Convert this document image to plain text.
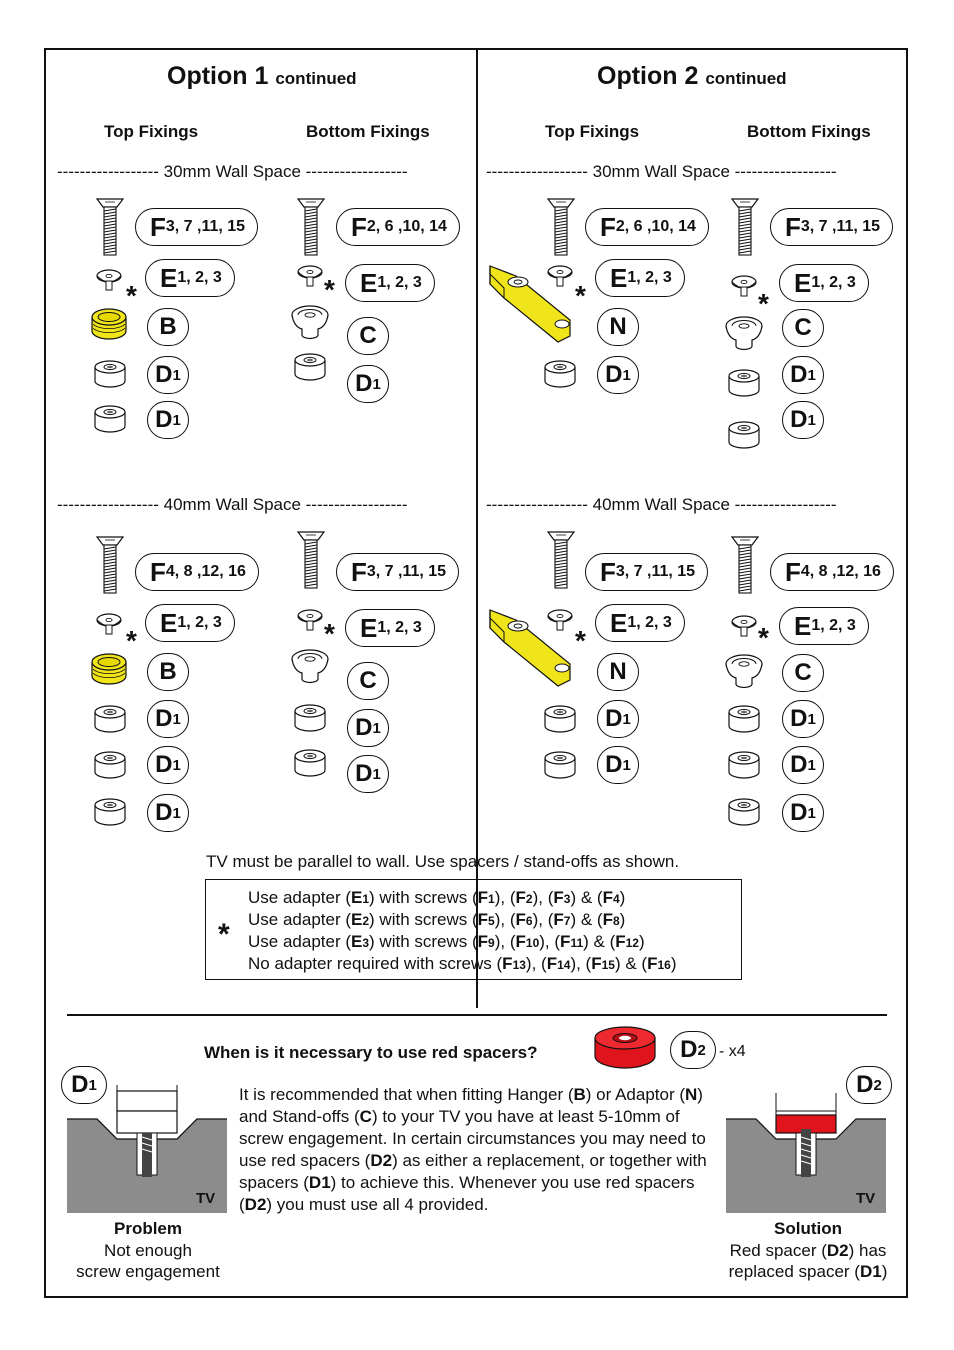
Option 1 continued	Option 2 continued
Top Fixings	Bottom Fixings	Top Fixings	Bottom Fixings
------------------ 30mm Wall Space ------------------	------------------ 30mm Wall Space ------------------
------------------ 40mm Wall Space ------------------	------------------ 40mm Wall Space ------------------
F 3, 7 ,11, 15
*
E 1, 2, 3
B
D 1
D 1
F 2, 6 ,10, 14
* E 1, 2, 3
C
D 1
F 2, 6 ,10, 14
*
E 1, 2, 3
N
D 1
F 3, 7 ,11, 15
*
E 1, 2, 3
C
D 1
D 1
F 4, 8 ,12, 16
*
E 1, 2, 3
B
D 1
D 1
D 1
F 3, 7 ,11, 15
* E 1, 2, 3
C
D 1
D 1
F 3, 7 ,11, 15
*
E 1, 2, 3
N
D 1
D 1
F 4, 8 ,12, 16
* E 1, 2, 3
C
D 1
D 1
D 1
TV must be parallel to wall. Use spacers / stand-offs as shown.
*
Use adapter (E1) with screws (F1), (F2), (F3) & (F4)
Use adapter (E2) with screws (F5), (F6), (F7) & (F8)
Use adapter (E3) with screws (F9), (F10), (F11) & (F12)
No adapter required with screws (F13), (F14), (F15) & (F16)
When is it necessary to use red spacers?	D 2 - x4
D 1
TV
Problem
Not enough
screw engagement
It is recommended that when fitting Hanger (B) or Adaptor (N) and Stand-offs (C) to your TV you have at least 5-10mm of screw engagement. In certain circumstances you may need to use red spacers (D2) as either a replacement, or together with spacers (D1) to achieve this. Whenever you use red spacers (D2) you must use all 4 provided.
D 2
TV
Solution
Red spacer (D2) has
replaced spacer (D1)
